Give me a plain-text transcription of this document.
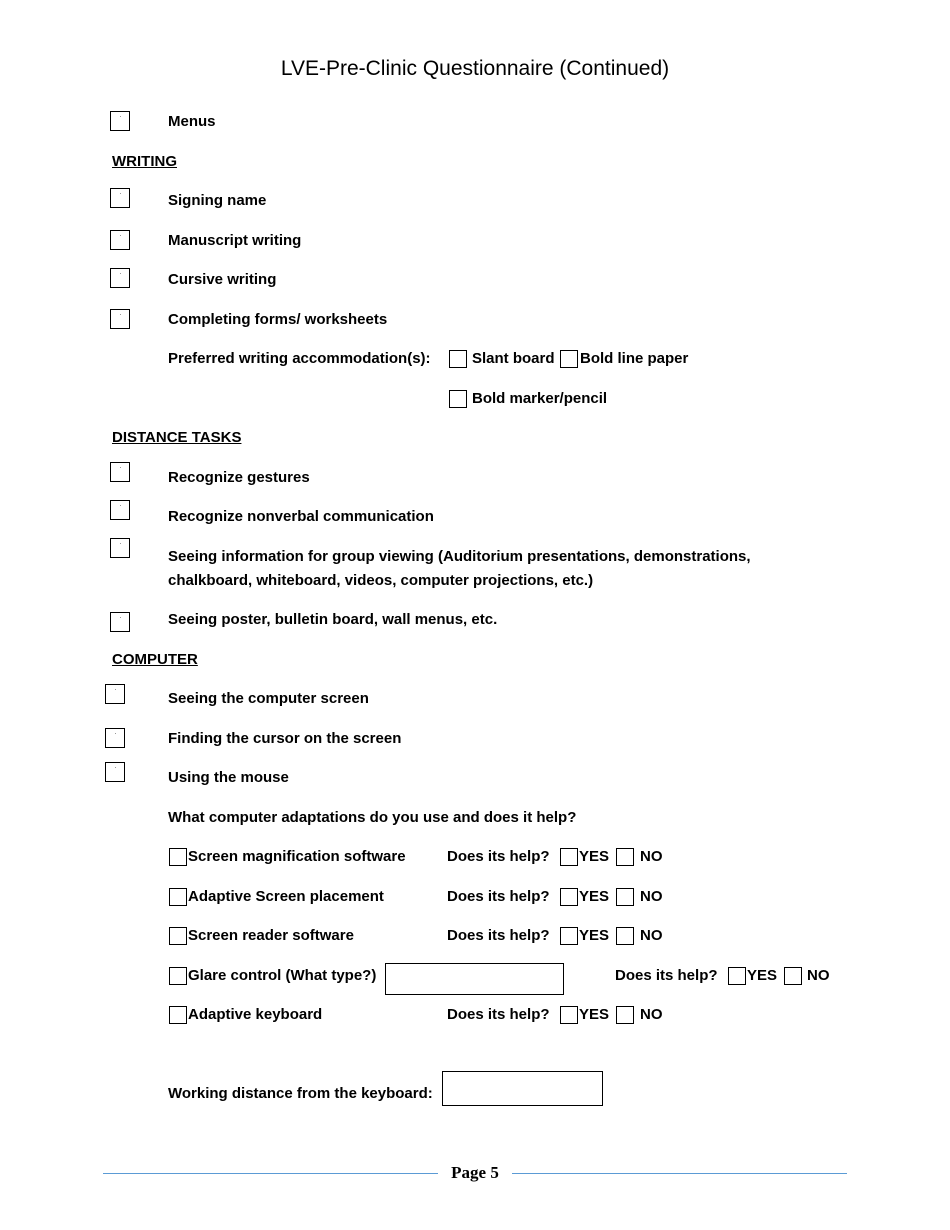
LVE-Pre-Clinic Questionnaire (Continued)
Menus
WRITING
Signing name
Manuscript writing
Cursive writing
Completing forms/ worksheets
Preferred writing accommodation(s):	Slant board Bold line paper
Bold marker/pencil
DISTANCE TASKS
Recognize gestures
Recognize nonverbal communication
Seeing information for group viewing (Auditorium presentations, demonstrations,
chalkboard, whiteboard, videos, computer projections, etc.)
Seeing poster, bulletin board, wall menus, etc.
COMPUTER
Seeing the computer screen
Finding the cursor on the screen
Using the mouse
What computer adaptations do you use and does it help?
Screen magnification software	Does its help? YES NO
Adaptive Screen placement	Does its help? YES NO
Screen reader software	Does its help? YES NO
Glare control (What type?)	Does its help? YES NO
Adaptive keyboard	Does its help? YES NO
Working distance from the keyboard:
Page 5
